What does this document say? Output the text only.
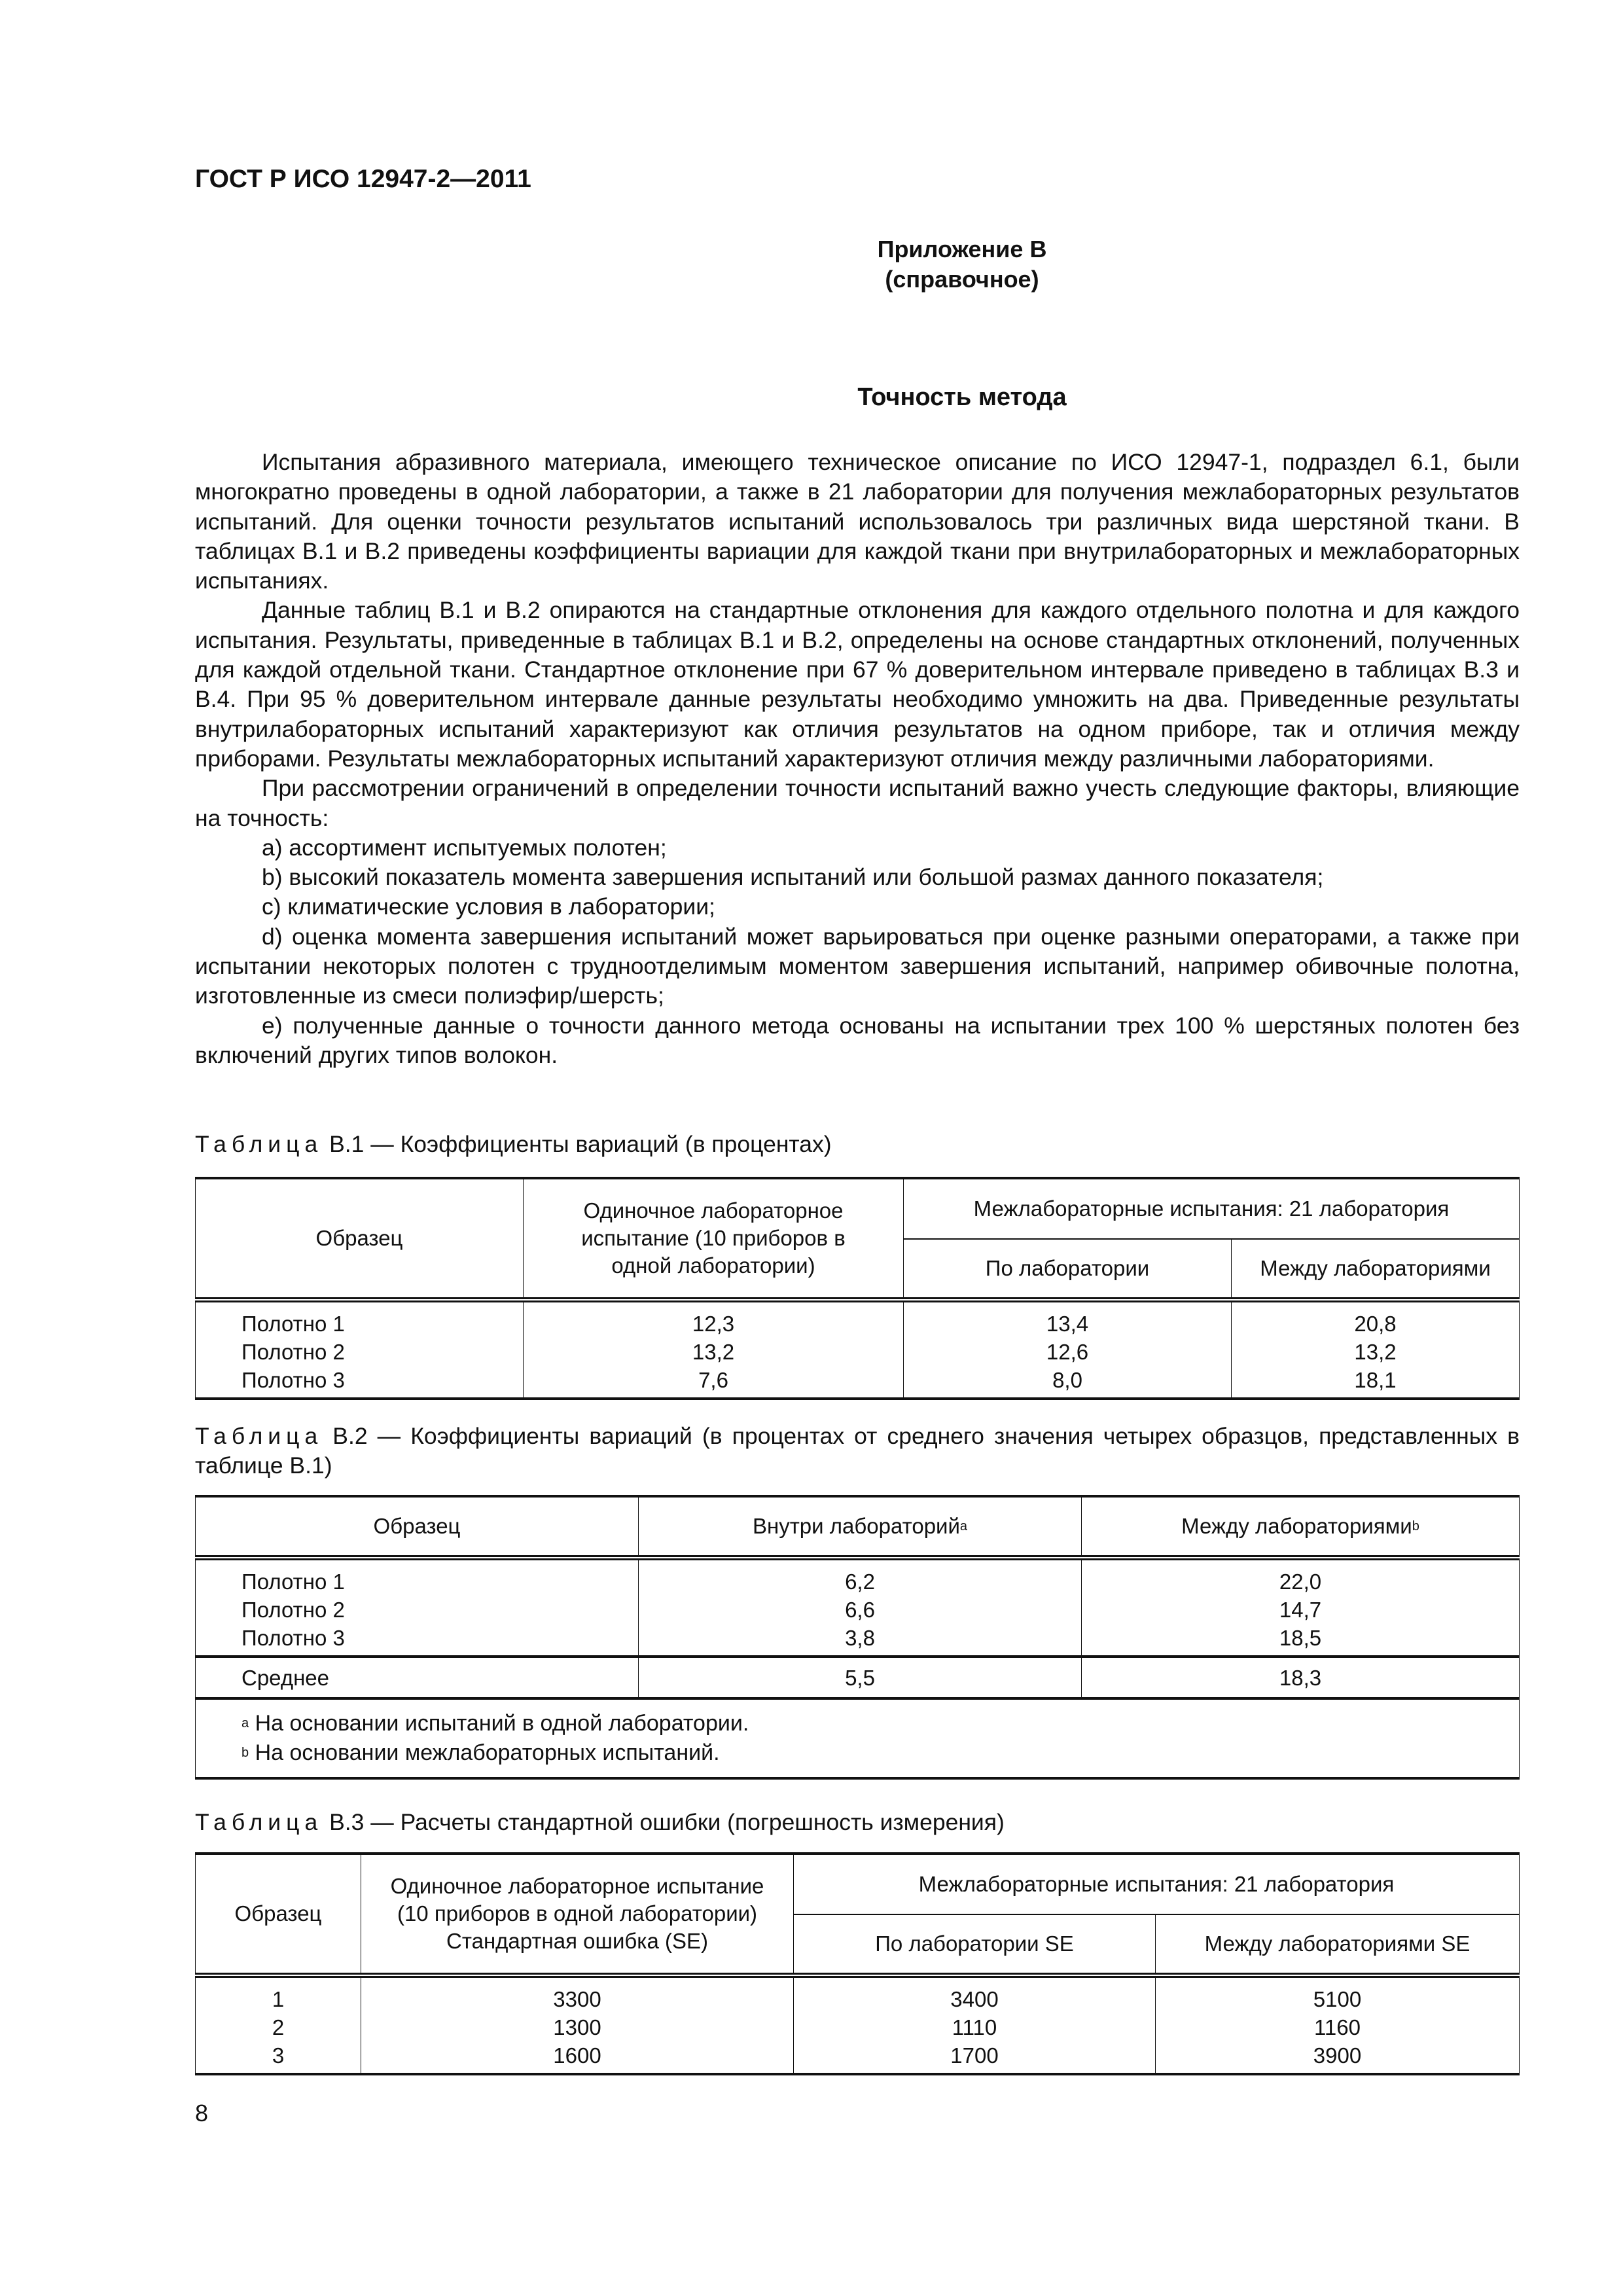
ГОСТ Р ИСО 12947-2—2011
Приложение В
(справочное)
Точность метода

Испытания абразивного материала, имеющего техническое описание по ИСО 12947-1, подраздел 6.1, были многократно проведены в одной лаборатории, а также в 21 лаборатории для получения межлабораторных результатов испытаний. Для оценки точности результатов испытаний использовалось три различных вида шерстяной ткани. В таблицах В.1 и В.2 приведены коэффициенты вариации для каждой ткани при внутрилабораторных и межлабораторных испытаниях.

Данные таблиц В.1 и В.2 опираются на стандартные отклонения для каждого отдельного полотна и для каждого испытания. Результаты, приведенные в таблицах В.1 и В.2, определены на основе стандартных отклонений, полученных для каждой отдельной ткани. Стандартное отклонение при 67 % доверительном интервале приведено в таблицах В.3 и В.4. При 95 % доверительном интервале данные результаты необходимо умножить на два. Приведенные результаты внутрилабораторных испытаний характеризуют как отличия результатов на одном приборе, так и отличия между приборами. Результаты межлабораторных испытаний характеризуют отличия между различными лабораториями.

При рассмотрении ограничений в определении точности испытаний важно учесть следующие факторы, влияющие на точность:

a) ассортимент испытуемых полотен;

b) высокий показатель момента завершения испытаний или большой размах данного показателя;

c) климатические условия в лаборатории;

d) оценка момента завершения испытаний может варьироваться при оценке разными операторами, а также при испытании некоторых полотен с трудноотделимым моментом завершения испытаний, например обивочные полотна, изготовленные из смеси полиэфир/шерсть;

e) полученные данные о точности данного метода основаны на испытании трех 100 % шерстяных полотен без включений других типов волокон.

Таблица В.1 — Коэффициенты вариаций (в процентах)
Образец	Одиночное лабораторное испытание (10 приборов в одной лаборатории)	Межлабораторные испытания: 21 лаборатория	
		По лаборатории	Между лабораториями
Полотно 1	12,3	13,4	20,8
Полотно 2	13,2	12,6	13,2
Полотно 3	7,6	8,0	18,1
Таблица В.2 — Коэффициенты вариаций (в процентах от среднего значения четырех образцов, представленных в таблице В.1)
Образец	Внутри лабораторий$^a$	Между лабораториями$^b$
Полотно 1	6,2	22,0
Полотно 2	6,6	14,7
Полотно 3	3,8	18,5
Среднее	5,5	18,3

$^a$ На основании испытаний в одной лаборатории.
$^b$ На основании межлабораторных испытаний.		
Таблица В.3 — Расчеты стандартной ошибки (погрешность измерения)
Образец	Одиночное лабораторное испытание (10 приборов в одной лаборатории) Стандартная ошибка (SE)	Межлабораторные испытания: 21 лаборатория	
		По лаборатории SE	Между лабораториями SE
1	3300	3400	5100
2	1300	1110	1160
3	1600	1700	3900
8
